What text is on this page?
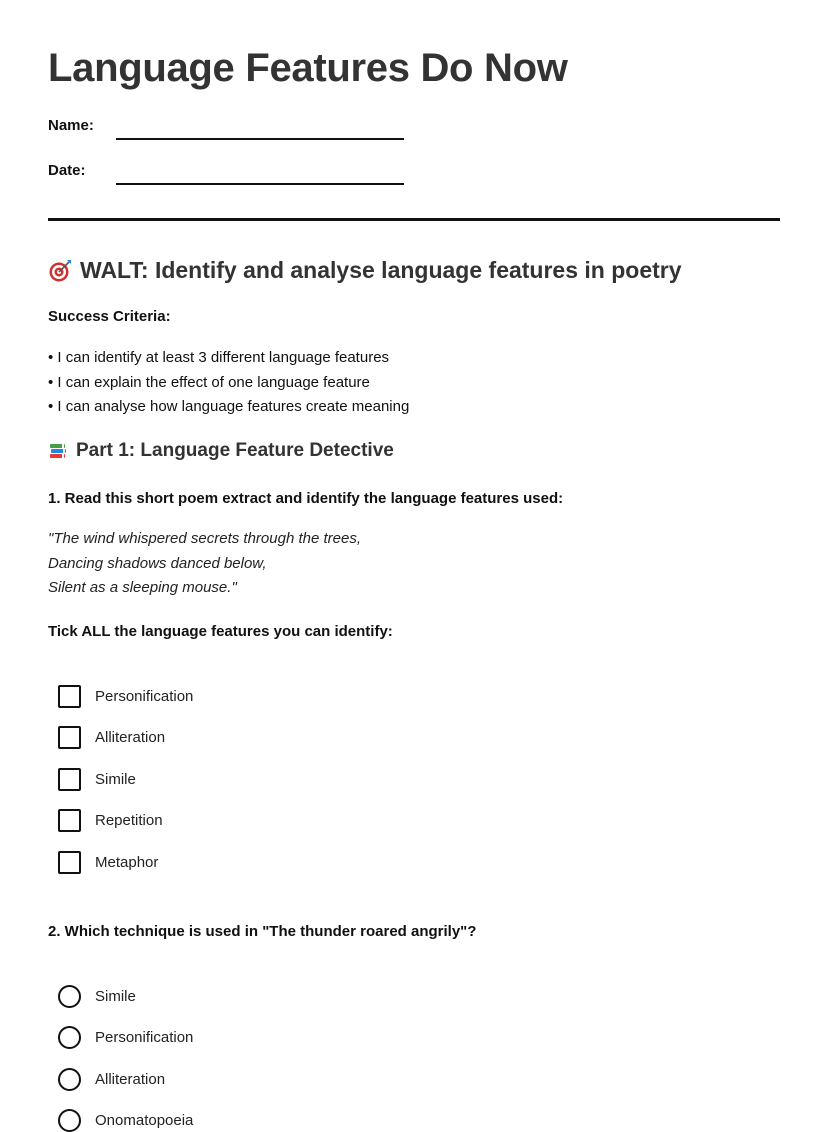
Language Features Do Now
Name:
Date:
WALT: Identify and analyse language features in poetry
Success Criteria:
• I can identify at least 3 different language features
• I can explain the effect of one language feature
• I can analyse how language features create meaning
Part 1: Language Feature Detective
1. Read this short poem extract and identify the language features used:
"The wind whispered secrets through the trees,
Dancing shadows danced below,
Silent as a sleeping mouse."
Tick ALL the language features you can identify:
Personification
Alliteration
Simile
Repetition
Metaphor
2. Which technique is used in "The thunder roared angrily"?
Simile
Personification
Alliteration
Onomatopoeia
